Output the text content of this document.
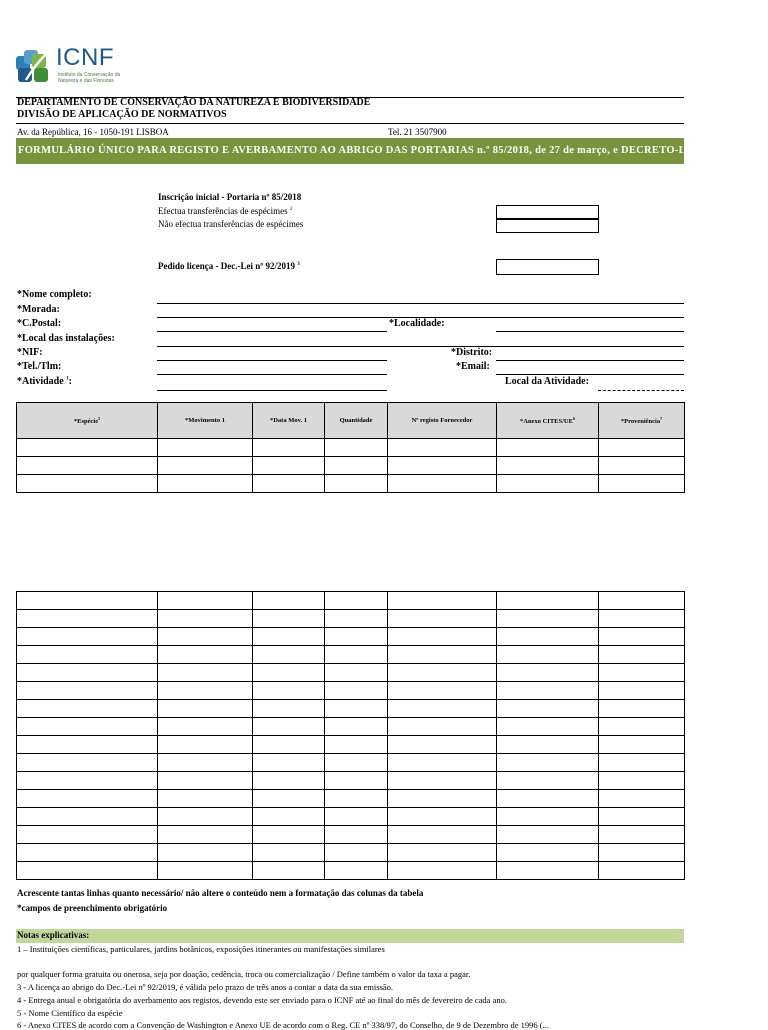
ICNF
Instituto da Conservação da Natureza e das Florestas
DEPARTAMENTO DE CONSERVAÇÃO DA NATUREZA E BIODIVERSIDADE
DIVISÃO DE APLICAÇÃO DE NORMATIVOS
Av. da República, 16 - 1050-191 LISBOA	Tel. 21 3507900
FORMULÁRIO ÚNICO PARA REGISTO E AVERBAMENTO AO ABRIGO DAS PORTARIAS n.º 85/2018, de 27 de março, e DECRETO-L
Inscrição inicial - Portaria nº 85/2018
Efectua transferências de espécimes $^2$
Não efectua transferências de espécimes
Pedido licença - Dec.-Lei nº 92/2019 $^3$
*Nome completo:
*Morada:
*C.Postal:	*Localidade:
*Local das instalações:
*NIF:	*Distrito:
*Tel./Tlm:	*Email:
*Atividade $^1$:	Local da Atividade:
*Espécie$^5$	*Movimento 1	*Data Mov. 1	Quantidade	Nº registo Fornecedor	*Anexo CITES/$UE^6$	*Proveniência$^7$

Acrescente tantas linhas quanto necessário/ não altere o conteúdo nem a formatação das colunas da tabela
*campos de preenchimento obrigatório
Notas explicativas:
1 – Instituições científicas, particulares, jardins botânicos, exposições itinerantes ou manifestações similares
por qualquer forma gratuita ou onerosa, seja por doação, cedência, troca ou comercialização / Define também o valor da taxa a pagar.
3 - A licença ao abrigo do Dec.-Lei nº 92/2019, é válida pelo prazo de três anos a contar a data da sua emissão.
4 - Entrega anual e obrigatória do averbamento aos registos, devendo este ser enviado para o ICNF até ao final do mês de fevereiro de cada ano.
5 - Nome Científico da espécie
6 - Anexo CITES de acordo com a Convenção de Washington e Anexo UE de acordo com o Reg. CE nº 338/97, do Conselho, de 9 de Dezembro de 1996 (...
